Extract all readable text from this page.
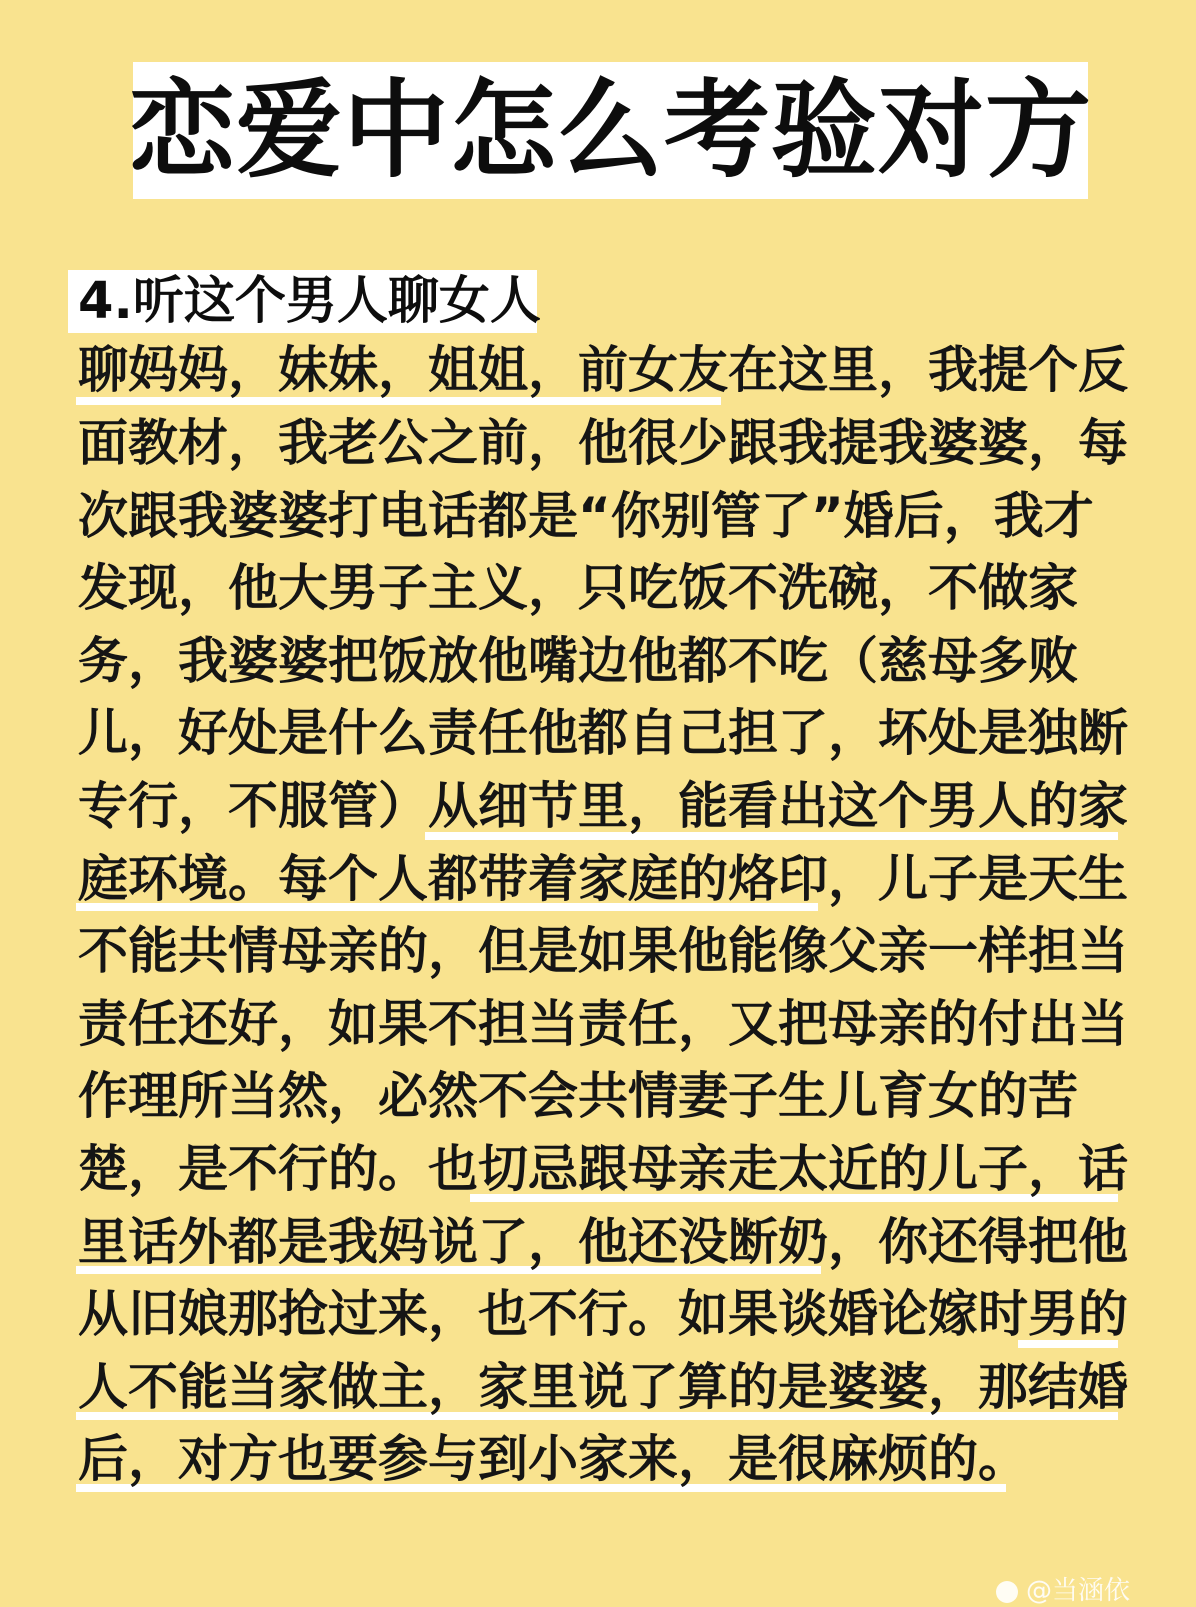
恋爱中怎么考验对方
4.听这个男人聊女人
聊妈妈，妹妹，姐姐，前女友在这里，我提个反
面教材，我老公之前，他很少跟我提我婆婆，每
次跟我婆婆打电话都是“你别管了”婚后，我才
发现，他大男子主义，只吃饭不洗碗，不做家
务，我婆婆把饭放他嘴边他都不吃（慈母多败
儿，好处是什么责任他都自己担了，坏处是独断
专行，不服管）从细节里，能看出这个男人的家
庭环境。每个人都带着家庭的烙印，儿子是天生
不能共情母亲的，但是如果他能像父亲一样担当
责任还好，如果不担当责任，又把母亲的付出当
作理所当然，必然不会共情妻子生儿育女的苦
楚，是不行的。也切忌跟母亲走太近的儿子，话
里话外都是我妈说了，他还没断奶，你还得把他
从旧娘那抢过来，也不行。如果谈婚论嫁时男的
人不能当家做主，家里说了算的是婆婆，那结婚
后，对方也要参与到小家来，是很麻烦的。
@当涵依
